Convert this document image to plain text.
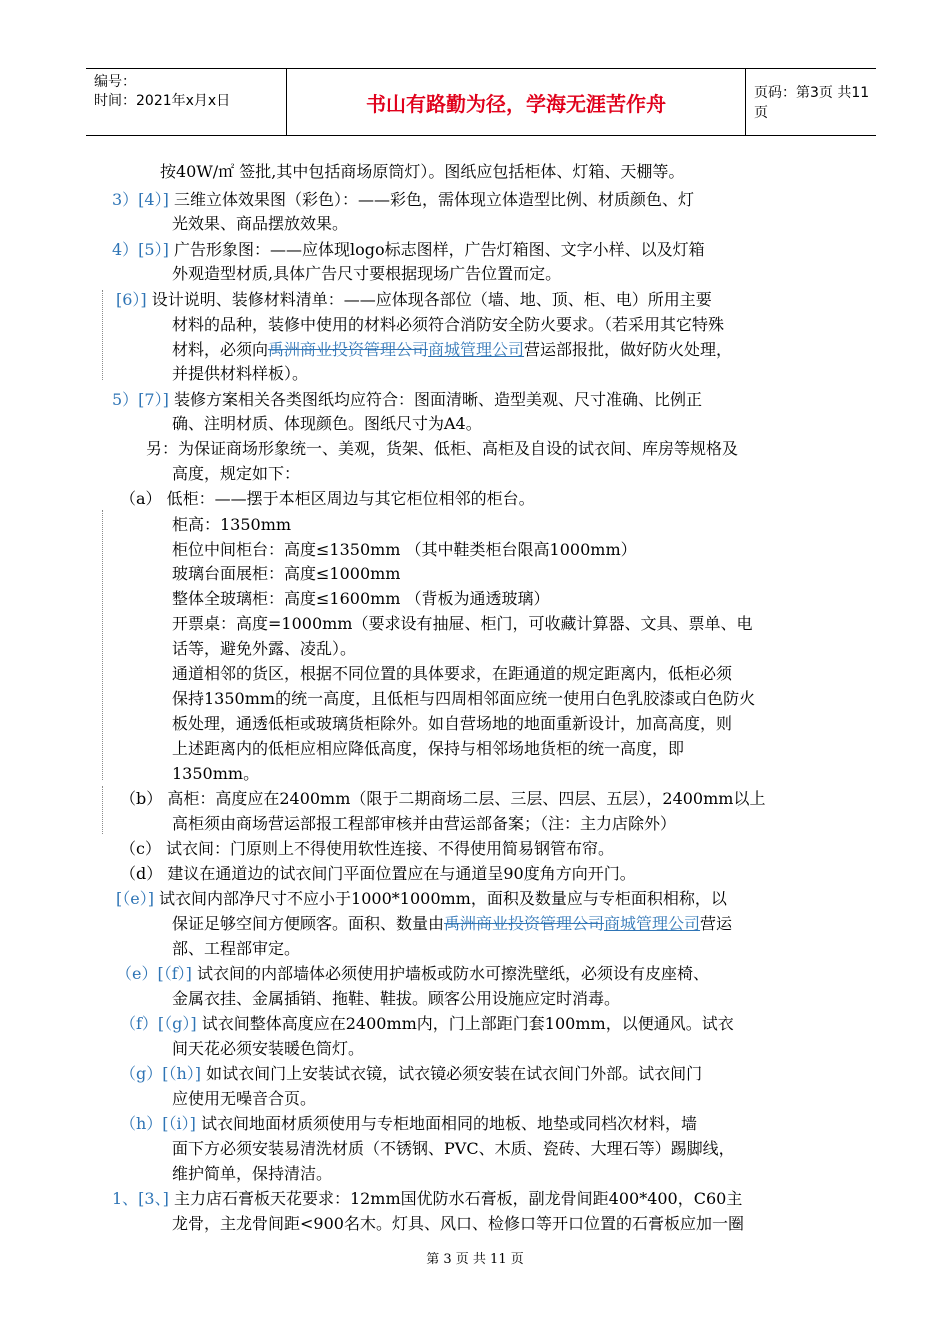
编号：
时间：2021年x月x日	书山有路勤为径，学海无涯苦作舟	页码：第3页 共11页
按40W/㎡ 签批,其中包括商场原筒灯）。图纸应包括柜体、灯箱、天棚等。
3）[4）] 三维立体效果图（彩色）：——彩色，需体现立体造型比例、材质颜色、灯
光效果、商品摆放效果。
4）[5）] 广告形象图：——应体现logo标志图样，广告灯箱图、文字小样、以及灯箱
外观造型材质,具体广告尺寸要根据现场广告位置而定。
[6）] 设计说明、装修材料清单：——应体现各部位（墙、地、顶、柜、电）所用主要
材料的品种，装修中使用的材料必须符合消防安全防火要求。（若采用其它特殊
材料，必须向禹洲商业投资管理公司商城管理公司营运部报批，做好防火处理，
并提供材料样板）。
5）[7）] 装修方案相关各类图纸均应符合：图面清晰、造型美观、尺寸准确、比例正
确、注明材质、体现颜色。图纸尺寸为A4。
另：为保证商场形象统一、美观，货架、低柜、高柜及自设的试衣间、库房等规格及
高度，规定如下：
（a） 低柜：——摆于本柜区周边与其它柜位相邻的柜台。
柜高：1350mm
柜位中间柜台：高度≤1350mm （其中鞋类柜台限高1000mm）
玻璃台面展柜：高度≤1000mm
整体全玻璃柜：高度≤1600mm （背板为通透玻璃）
开票桌：高度=1000mm（要求设有抽屉、柜门，可收藏计算器、文具、票单、电
话等，避免外露、凌乱）。
通道相邻的货区，根据不同位置的具体要求，在距通道的规定距离内，低柜必须
保持1350mm的统一高度，且低柜与四周相邻面应统一使用白色乳胶漆或白色防火
板处理，通透低柜或玻璃货柜除外。如自营场地的地面重新设计，加高高度，则
上述距离内的低柜应相应降低高度，保持与相邻场地货柜的统一高度，即
1350mm。
（b） 高柜：高度应在2400mm（限于二期商场二层、三层、四层、五层），2400mm以上
高柜须由商场营运部报工程部审核并由营运部备案；（注：主力店除外）
（c） 试衣间：门原则上不得使用软性连接、不得使用简易钢管布帘。
（d） 建议在通道边的试衣间门平面位置应在与通道呈90度角方向开门。
[（e）] 试衣间内部净尺寸不应小于1000*1000mm，面积及数量应与专柜面积相称，以
保证足够空间方便顾客。面积、数量由禹洲商业投资管理公司商城管理公司营运
部、工程部审定。
（e）[（f）] 试衣间的内部墙体必须使用护墙板或防水可擦洗壁纸，必须设有皮座椅、
金属衣挂、金属插销、拖鞋、鞋拔。顾客公用设施应定时消毒。
（f）[（g）] 试衣间整体高度应在2400mm内，门上部距门套100mm，以便通风。试衣
间天花必须安装暖色筒灯。
（g）[（h）] 如试衣间门上安装试衣镜，试衣镜必须安装在试衣间门外部。试衣间门
应使用无噪音合页。
（h）[（i）] 试衣间地面材质须使用与专柜地面相同的地板、地垫或同档次材料，墙
面下方必须安装易清洗材质（不锈钢、PVC、木质、瓷砖、大理石等）踢脚线，
维护简单，保持清洁。
1、[3、] 主力店石膏板天花要求：12mm国优防水石膏板，副龙骨间距400*400，C60主
龙骨，主龙骨间距<900名木。灯具、风口、检修口等开口位置的石膏板应加一圈
第 3 页 共 11 页
